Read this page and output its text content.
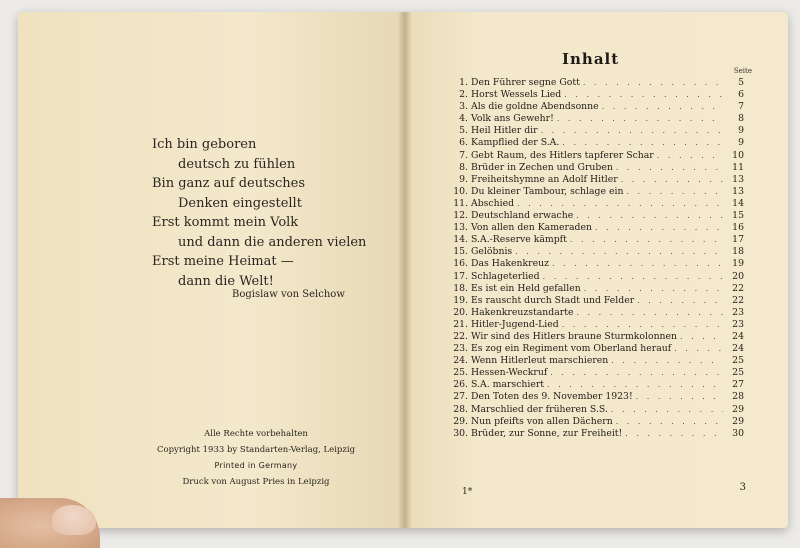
Ich bin geboren
deutsch zu fühlen
Bin ganz auf deutsches
Denken eingestellt
Erst kommt mein Volk
und dann die anderen vielen
Erst meine Heimat —
dann die Welt!
Bogislaw von Selchow
Alle Rechte vorbehalten
Copyright 1933 by Standarten-Verlag, Leipzig
Printed in Germany
Druck von August Pries in Leipzig
Inhalt
Seite
1. Den Führer segne Gott . . .	5
2. Horst Wessels Lied . . .	6
3. Als die goldne Abendsonne . . .	7
4. Volk ans Gewehr! . . .	8
5. Heil Hitler dir . . .	9
6. Kampflied der S.A. . . .	9
7. Gebt Raum, des Hitlers tapferer Schar . . .	10
8. Brüder in Zechen und Gruben . . .	11
9. Freiheitshymne an Adolf Hitler . . .	13
10. Du kleiner Tambour, schlage ein . . .	13
11. Abschied . . .	14
12. Deutschland erwache . . .	15
13. Von allen den Kameraden . . .	16
14. S.A.-Reserve kämpft . . .	17
15. Gelöbnis . . .	18
16. Das Hakenkreuz . . .	19
17. Schlageterlied . . .	20
18. Es ist ein Held gefallen . . .	22
19. Es rauscht durch Stadt und Felder . . .	22
20. Hakenkreuzstandarte . . .	23
21. Hitler-Jugend-Lied . . .	23
22. Wir sind des Hitlers braune Sturmkolonnen . . .	24
23. Es zog ein Regiment vom Oberland herauf . . .	24
24. Wenn Hitlerleut marschieren . . .	25
25. Hessen-Weckruf . . .	25
26. S.A. marschiert . . .	27
27. Den Toten des 9. November 1923! . . .	28
28. Marschlied der früheren S.S. . . .	29
29. Nun pfeifts von allen Dächern . . .	29
30. Brüder, zur Sonne, zur Freiheit! . . .	30
1*	3
